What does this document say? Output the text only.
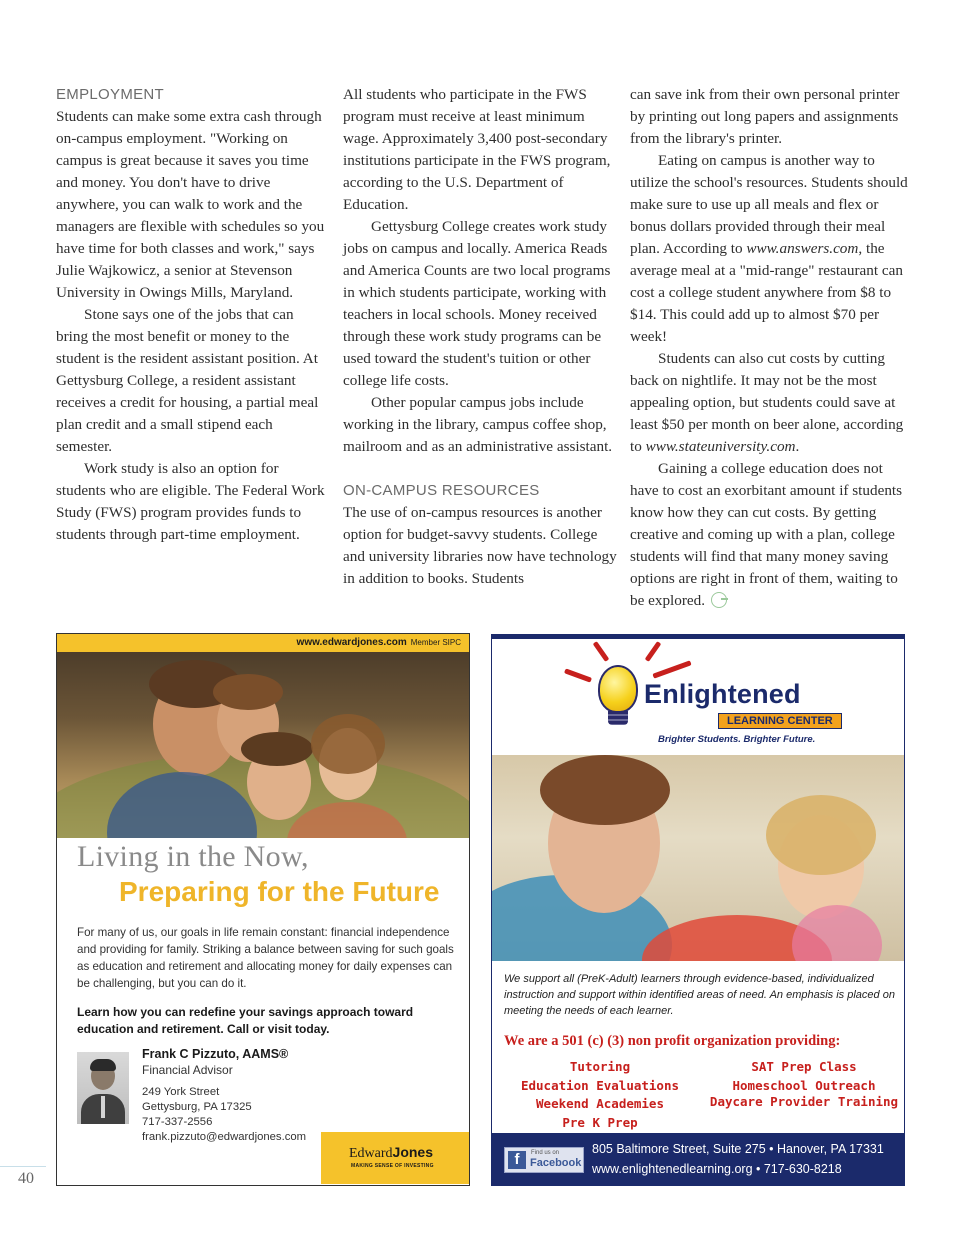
EMPLOYMENT

Students can make some extra cash through on-campus employment. "Working on campus is great because it saves you time and money. You don't have to drive anywhere, you can walk to work and the managers are flexible with schedules so you have time for both classes and work," says Julie Wajkowicz, a senior at Stevenson University in Owings Mills, Maryland.

Stone says one of the jobs that can bring the most benefit or money to the student is the resident assistant position. At Gettysburg College, a resident assistant receives a credit for housing, a partial meal plan credit and a small stipend each semester.

Work study is also an option for students who are eligible. The Federal Work Study (FWS) program provides funds to students through part-time employment.

All students who participate in the FWS program must receive at least minimum wage. Approximately 3,400 post-secondary institutions participate in the FWS program, according to the U.S. Department of Education.

Gettysburg College creates work study jobs on campus and locally. America Reads and America Counts are two local programs in which students participate, working with teachers in local schools. Money received through these work study programs can be used toward the student's tuition or other college life costs.

Other popular campus jobs include working in the library, campus coffee shop, mailroom and as an administrative assistant.

ON-CAMPUS RESOURCES

The use of on-campus resources is another option for budget-savvy students. College and university libraries now have technology in addition to books. Students

can save ink from their own personal printer by printing out long papers and assignments from the library's printer.

Eating on campus is another way to utilize the school's resources. Students should make sure to use up all meals and flex or bonus dollars provided through their meal plan. According to www.answers.com, the average meal at a "mid-range" restaurant can cost a college student anywhere from $8 to $14. This could add up to almost $70 per week!

Students can also cut costs by cutting back on nightlife. It may not be the most appealing option, but students could save at least $50 per month on beer alone, according to www.stateuniversity.com.

Gaining a college education does not have to cost an exorbitant amount if students know how they can cut costs. By getting creative and coming up with a plan, college students will find that many money saving options are right in front of them, waiting to be explored.

www.edwardjones.com Member SIPC
Living in the Now,
Preparing for the Future
For many of us, our goals in life remain constant: financial independence and providing for family. Striking a balance between saving for such goals as education and retirement and allocating money for daily expenses can be challenging, but you can do it.
Learn how you can redefine your savings approach toward education and retirement. Call or visit today.
Frank C Pizzuto, AAMS®
Financial Advisor
249 York Street
Gettysburg, PA 17325
717-337-2556
frank.pizzuto@edwardjones.com
EdwardJones
MAKING SENSE OF INVESTING
Enlightened
LEARNING CENTER
Brighter Students. Brighter Future.
We support all (PreK-Adult) learners through evidence-based, individualized instruction and support within identified areas of need. An emphasis is placed on meeting the needs of each learner.
We are a 501 (c) (3) non profit organization providing:
Tutoring
Education Evaluations
Weekend Academies
Pre K Prep
SAT Prep Class
Homeschool Outreach
Daycare Provider Training
f	Find us on
Facebook
805 Baltimore Street, Suite 275 • Hanover, PA 17331
www.enlightenedlearning.org • 717-630-8218
40
